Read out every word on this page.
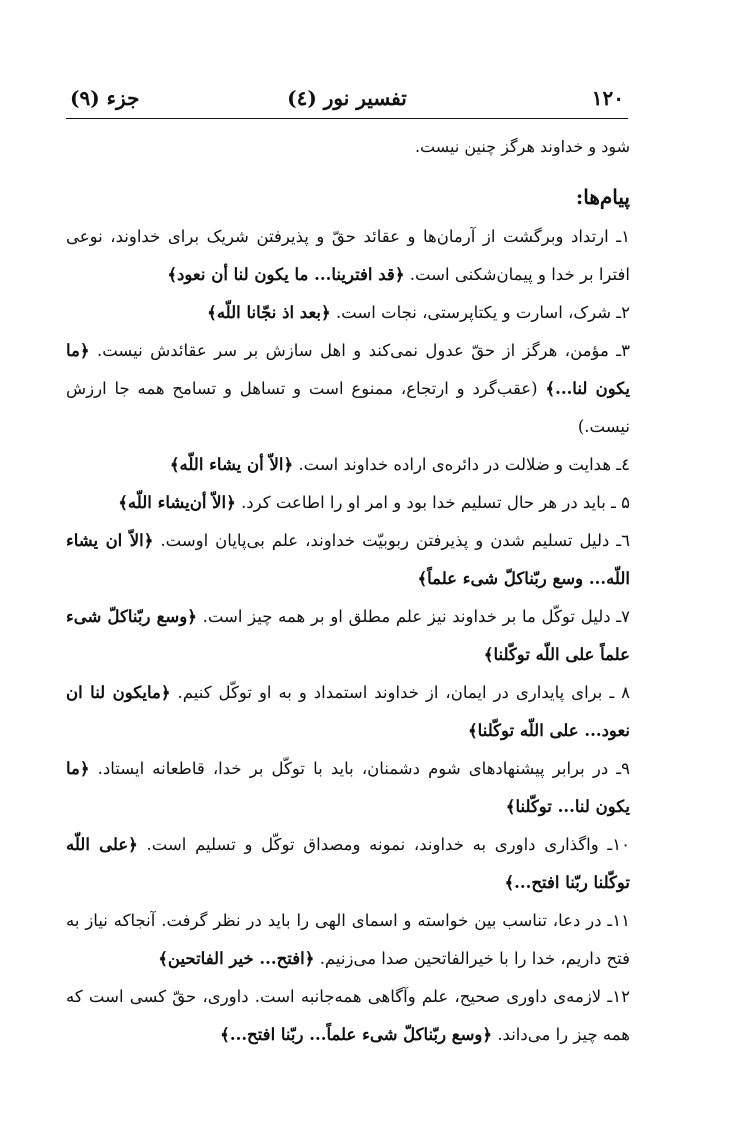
۱۲۰
تفسیر نور (٤)
جزء (۹)

شود و خداوند هرگز چنین نیست.

پیام‌ها:

۱ـ ارتداد وبرگشت از آرمان‌ها و عقائد حقّ و پذیرفتن شریک برای خداوند، نوعی افترا بر خدا و پیمان‌شکنی است. ﴿قد افترینا... ما یکون لنا أن نعود﴾

۲ـ شرک، اسارت و یکتاپرستی، نجات است. ﴿بعد اذ نجّانا اللّه﴾

۳ـ مؤمن، هرگز از حقّ عدول نمی‌کند و اهل سازش بر سر عقائدش نیست. ﴿ما یکون لنا...﴾ (عقب‌گرد و ارتجاع، ممنوع است و تساهل و تسامح همه جا ارزش نیست.)

٤ـ هدایت و ضلالت در دائره‌ی اراده خداوند است. ﴿الاّ أن یشاء اللّه﴾

۵ ـ باید در هر حال تسلیم خدا بود و امر او را اطاعت کرد. ﴿الاّ أن‌یشاء اللّه﴾

٦ـ دلیل تسلیم شدن و پذیرفتن ربوبیّت خداوند، علم بی‌پایان اوست. ﴿الاّ ان یشاء اللّه... وسع ربّناکلّ شیء علماً﴾

۷ـ دلیل توکّل ما بر خداوند نیز علم مطلق او بر همه چیز است. ﴿وسع ربّناکلّ شیء علماً علی اللّه توکّلنا﴾

۸ ـ برای پایداری در ایمان، از خداوند استمداد و به او توکّل کنیم. ﴿مایکون لنا ان نعود... علی اللّه توکّلنا﴾

۹ـ در برابر پیشنهادهای شوم دشمنان، باید با توکّل بر خدا، قاطعانه ایستاد. ﴿ما یکون لنا... توکّلنا﴾

۱۰ـ واگذاری داوری به خداوند، نمونه ومصداق توکّل و تسلیم است. ﴿علی اللّه توکّلنا ربّنا افتح...﴾

۱۱ـ در دعا، تناسب بین خواسته و اسمای الهی را باید در نظر گرفت. آنجاکه نیاز به فتح داریم، خدا را با خیرالفاتحین صدا می‌زنیم. ﴿افتح... خیر الفاتحین﴾

۱۲ـ لازمه‌ی داوری صحیح، علم وآگاهی همه‌جانبه است. داوری، حقّ کسی است که همه چیز را می‌داند. ﴿وسع ربّناکلّ شیء علماً... ربّنا افتح...﴾
